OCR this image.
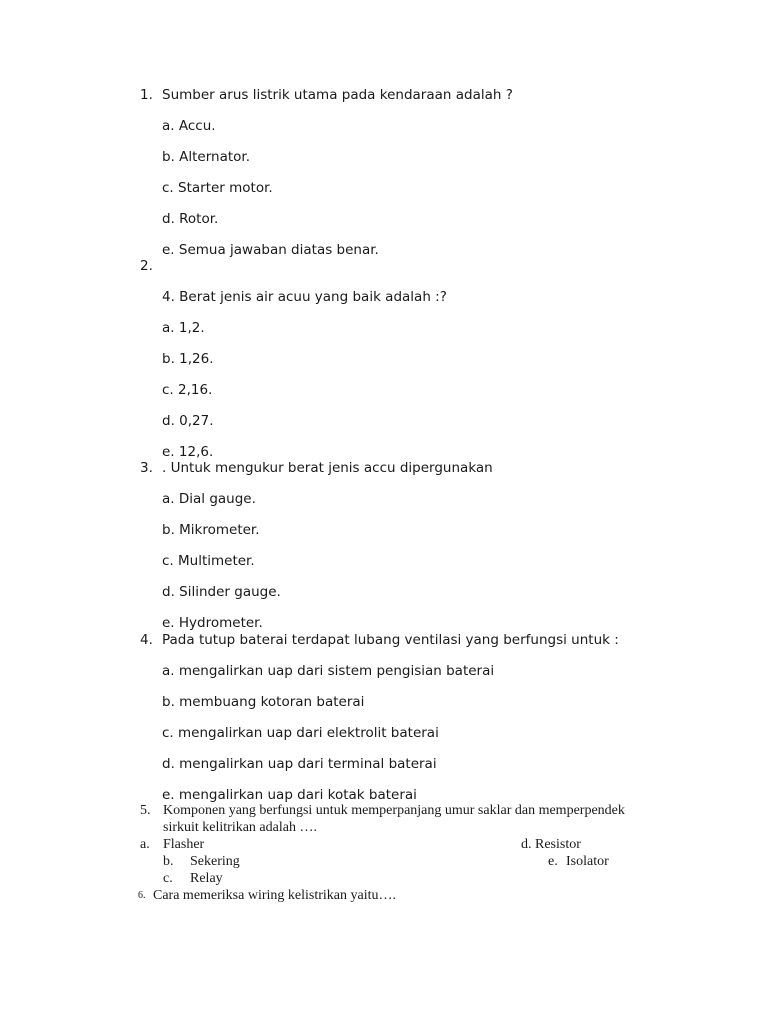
1. Sumber arus listrik utama pada kendaraan adalah ?
a. Accu.
b. Alternator.
c. Starter motor.
d. Rotor.
e. Semua jawaban diatas benar.
2.
4. Berat jenis air acuu yang baik adalah :?
a. 1,2.
b. 1,26.
c. 2,16.
d. 0,27.
e. 12,6.
3. . Untuk mengukur berat jenis accu dipergunakan
a. Dial gauge.
b. Mikrometer.
c. Multimeter.
d. Silinder gauge.
e. Hydrometer.
4. Pada tutup baterai terdapat lubang ventilasi yang berfungsi untuk :
a. mengalirkan uap dari sistem pengisian baterai
b. membuang kotoran baterai
c. mengalirkan uap dari elektrolit baterai
d. mengalirkan uap dari terminal baterai
e. mengalirkan uap dari kotak baterai
5. Komponen yang berfungsi untuk memperpanjang umur saklar dan memperpendek
sirkuit kelitrikan adalah ….
a. Flasher	d. Resistor
b. Sekering	e. Isolator
c. Relay
6. Cara memeriksa wiring kelistrikan yaitu….
